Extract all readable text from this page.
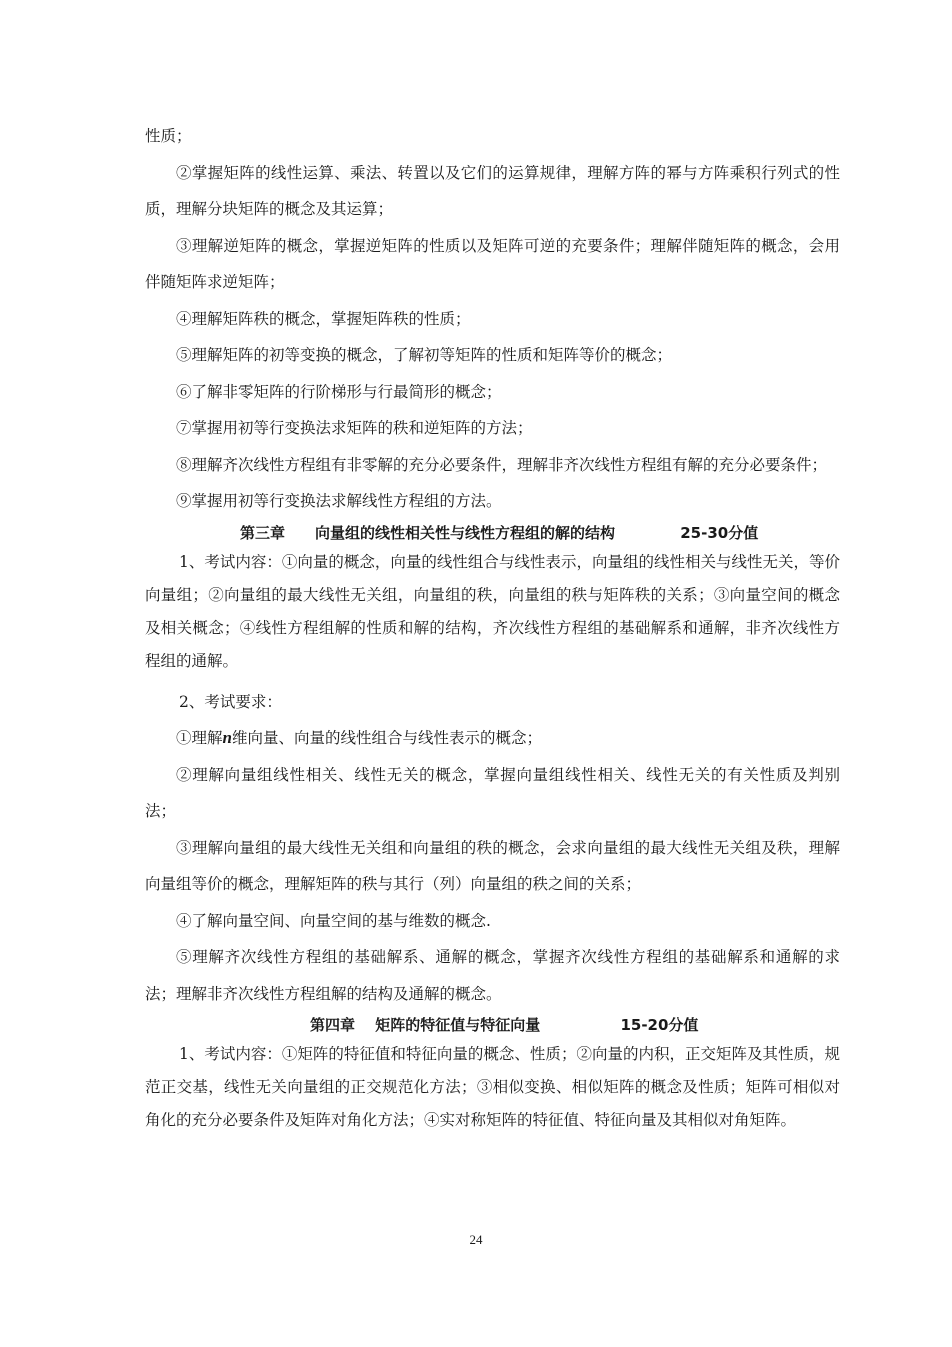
性质；

②掌握矩阵的线性运算、乘法、转置以及它们的运算规律，理解方阵的幂与方阵乘积行列式的性质，理解分块矩阵的概念及其运算；

③理解逆矩阵的概念，掌握逆矩阵的性质以及矩阵可逆的充要条件；理解伴随矩阵的概念，会用伴随矩阵求逆矩阵；

④理解矩阵秩的概念，掌握矩阵秩的性质；

⑤理解矩阵的初等变换的概念，了解初等矩阵的性质和矩阵等价的概念；

⑥了解非零矩阵的行阶梯形与行最简形的概念；

⑦掌握用初等行变换法求矩阵的秩和逆矩阵的方法；

⑧理解齐次线性方程组有非零解的充分必要条件，理解非齐次线性方程组有解的充分必要条件；

⑨掌握用初等行变换法求解线性方程组的方法。

第三章　　向量组的线性相关性与线性方程组的解的结构　　　　 25-30分值

1、考试内容：①向量的概念，向量的线性组合与线性表示，向量组的线性相关与线性无关，等价向量组；②向量组的最大线性无关组，向量组的秩，向量组的秩与矩阵秩的关系；③向量空间的概念及相关概念；④线性方程组解的性质和解的结构，齐次线性方程组的基础解系和通解，非齐次线性方程组的通解。

2、考试要求：

①理解n维向量、向量的线性组合与线性表示的概念；

②理解向量组线性相关、线性无关的概念，掌握向量组线性相关、线性无关的有关性质及判别法；

③理解向量组的最大线性无关组和向量组的秩的概念，会求向量组的最大线性无关组及秩，理解向量组等价的概念，理解矩阵的秩与其行（列）向量组的秩之间的关系；

④了解向量空间、向量空间的基与维数的概念.

⑤理解齐次线性方程组的基础解系、通解的概念，掌握齐次线性方程组的基础解系和通解的求法；理解非齐次线性方程组解的结构及通解的概念。

第四章　 矩阵的特征值与特征向量　　　　　 15-20分值

1、考试内容：①矩阵的特征值和特征向量的概念、性质；②向量的内积，正交矩阵及其性质，规范正交基，线性无关向量组的正交规范化方法；③相似变换、相似矩阵的概念及性质；矩阵可相似对角化的充分必要条件及矩阵对角化方法；④实对称矩阵的特征值、特征向量及其相似对角矩阵。

24
